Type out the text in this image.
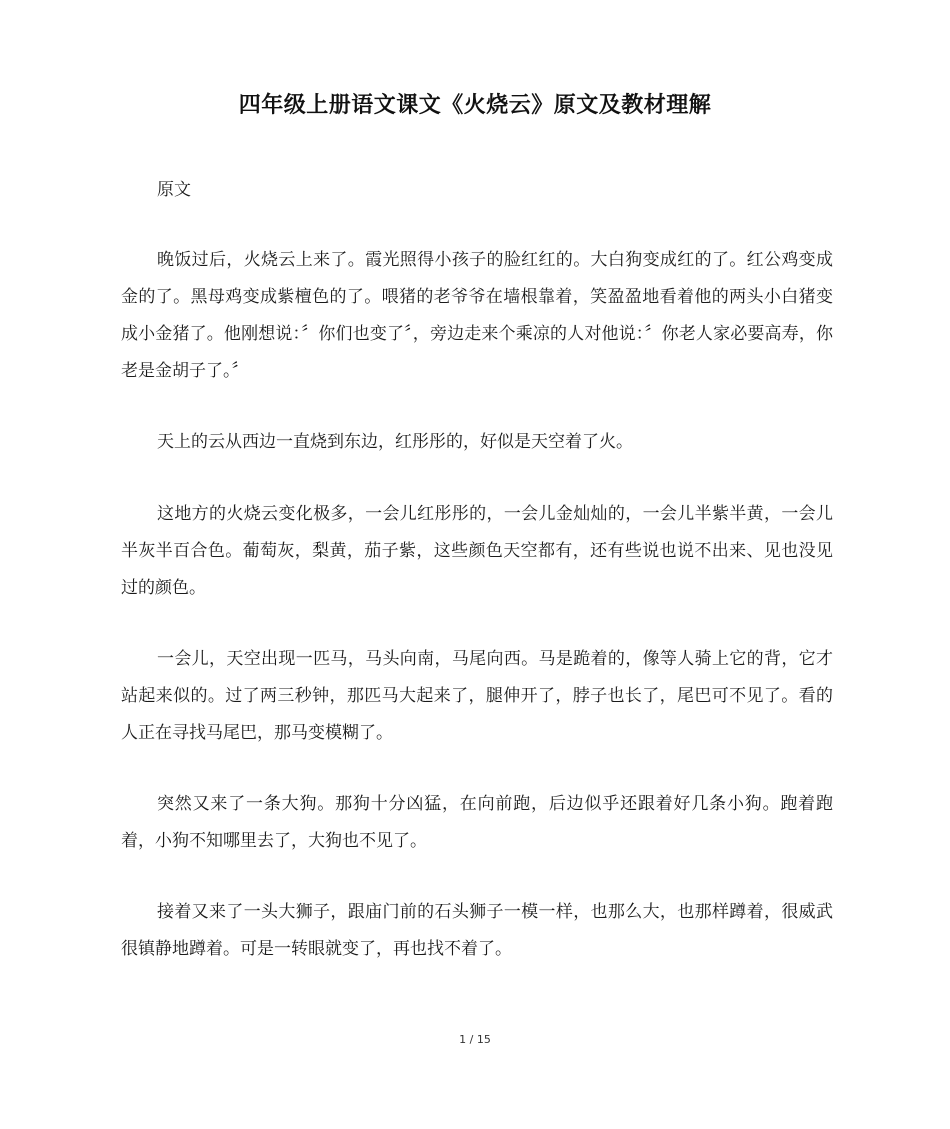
四年级上册语文课文《火烧云》原文及教材理解
原文

晚饭过后，火烧云上来了。霞光照得小孩子的脸红红的。大白狗变成红的了。红公鸡变成金的了。黑母鸡变成紫檀色的了。喂猪的老爷爷在墙根靠着，笑盈盈地看着他的两头小白猪变成小金猪了。他刚想说：〞你们也变了〞，旁边走来个乘凉的人对他说：〞你老人家必要高寿，你老是金胡子了。〞

天上的云从西边一直烧到东边，红彤彤的，好似是天空着了火。

这地方的火烧云变化极多，一会儿红彤彤的，一会儿金灿灿的，一会儿半紫半黄，一会儿半灰半百合色。葡萄灰，梨黄，茄子紫，这些颜色天空都有，还有些说也说不出来、见也没见过的颜色。

一会儿，天空出现一匹马，马头向南，马尾向西。马是跪着的，像等人骑上它的背，它才站起来似的。过了两三秒钟，那匹马大起来了，腿伸开了，脖子也长了，尾巴可不见了。看的人正在寻找马尾巴，那马变模糊了。

突然又来了一条大狗。那狗十分凶猛，在向前跑，后边似乎还跟着好几条小狗。跑着跑着，小狗不知哪里去了，大狗也不见了。

接着又来了一头大狮子，跟庙门前的石头狮子一模一样，也那么大，也那样蹲着，很威武很镇静地蹲着。可是一转眼就变了，再也找不着了。

1 / 15
